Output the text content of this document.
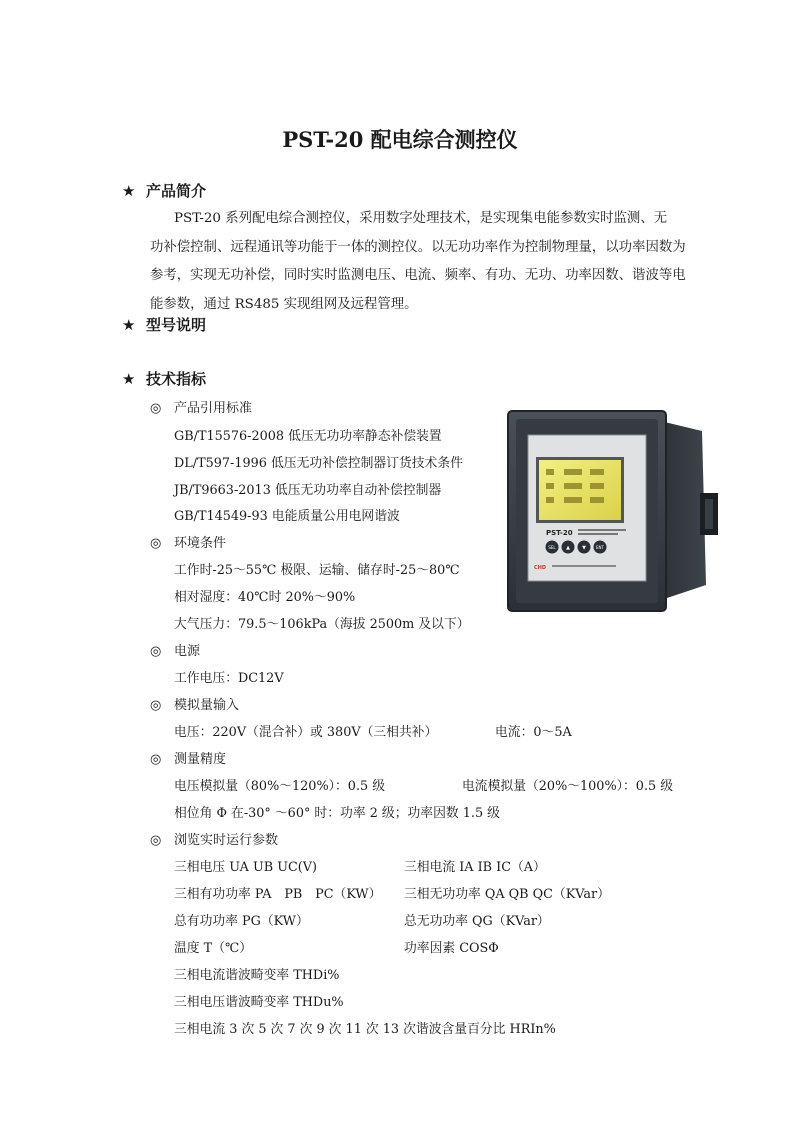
PST-20 配电综合测控仪
★ 产品简介

PST-20 系列配电综合测控仪，采用数字处理技术，是实现集电能参数实时监测、无
功补偿控制、远程通讯等功能于一体的测控仪。以无功功率作为控制物理量，以功率因数为
参考，实现无功补偿，同时实时监测电压、电流、频率、有功、无功、功率因数、谐波等电
能参数，通过 RS485 实现组网及远程管理。

★ 型号说明
★ 技术指标
◎ 产品引用标准
GB/T15576-2008 低压无功功率静态补偿装置
DL/T597-1996 低压无功补偿控制器订货技术条件
JB/T9663-2013 低压无功功率自动补偿控制器
GB/T14549-93 电能质量公用电网谐波
◎ 环境条件
工作时-25～55℃ 极限、运输、储存时-25～80℃
相对湿度：40℃时 20%～90%
大气压力：79.5～106kPa（海拔 2500m 及以下）
◎ 电源
工作电压：DC12V
◎ 模拟量输入
电压：220V（混合补）或 380V（三相共补）	电流：0～5A
◎ 测量精度
电压模拟量（80%～120%）：0.5 级	电流模拟量（20%～100%）：0.5 级
相位角 Φ 在-30° ～60° 时：功率 2 级；功率因数 1.5 级
◎ 浏览实时运行参数
三相电压 UA UB UC(V)	三相电流 IA IB IC（A）
三相有功功率 PA　PB　PC（KW） 三相无功功率 QA QB QC（KVar）
总有功功率 PG（KW）	总无功功率 QG（KVar）
温度 T（℃）	功率因素 COSΦ
三相电流谐波畸变率 THDi%
三相电压谐波畸变率 THDu%
三相电流 3 次 5 次 7 次 9 次 11 次 13 次谐波含量百分比 HRIn%
PST-20
SEL ▲ ▼	ENT
CHD
